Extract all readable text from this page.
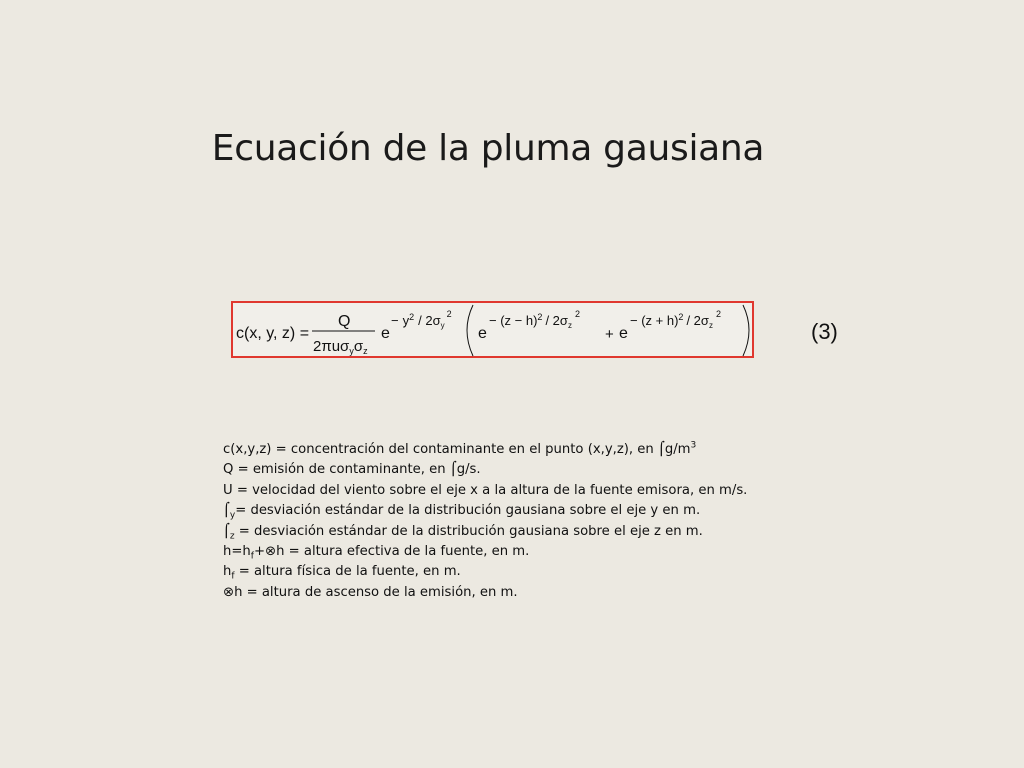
Ecuación de la pluma gausiana
c(x, y, z) =
Q
$2\pi u\sigma_y\sigma_z$
e
− $y^2 / 2\sigma_y^2$
e
− $(z - h)^2 / 2\sigma_z^2$
+ e
− $(z + h)^2 / 2\sigma_z^2$
(3)
c(x,y,z) = concentración del contaminante en el punto (x,y,z), en $⌠g/m^3$
Q = emisión de contaminante, en ⌠g/s.
U = velocidad del viento sobre el eje x a la altura de la fuente emisora, en m/s.
$⌠_y=$ desviación estándar de la distribución gausiana sobre el eje y en m.
$⌠_z$ = desviación estándar de la distribución gausiana sobre el eje z en m.
$h=h_f+\otimes h$ = altura efectiva de la fuente, en m.
$h_f$ = altura física de la fuente, en m.
⊗h = altura de ascenso de la emisión, en m.
